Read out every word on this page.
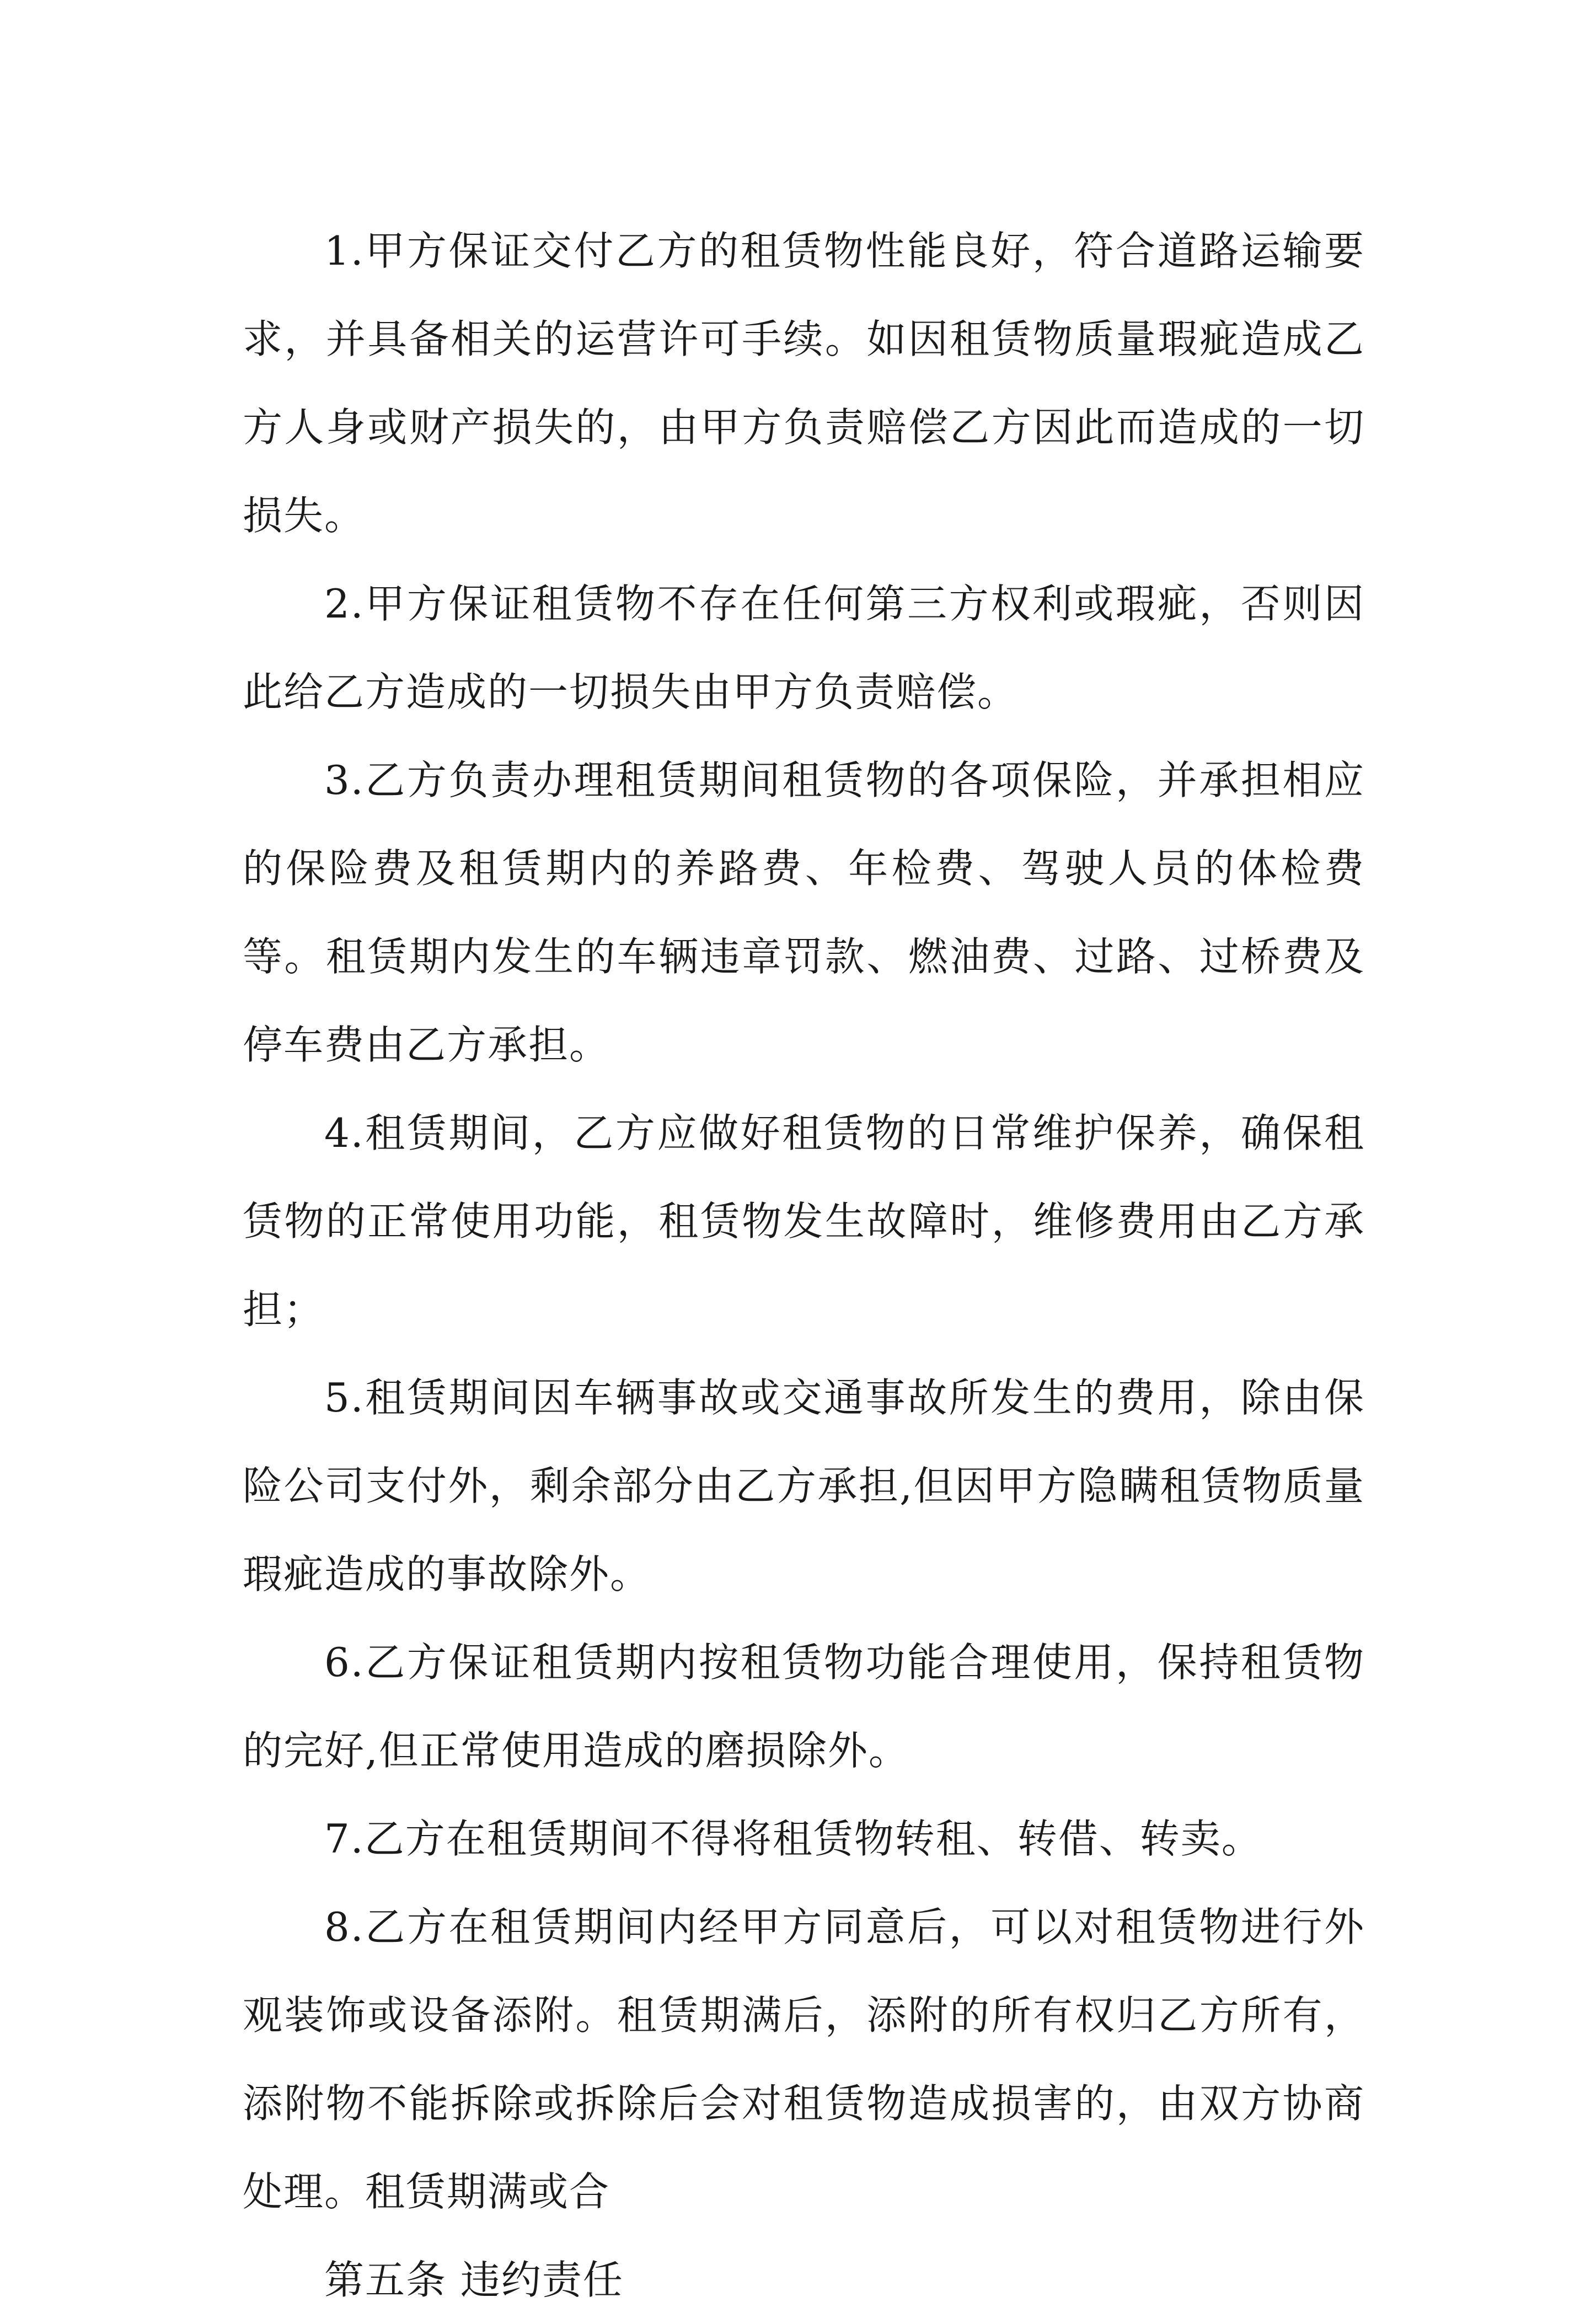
1.甲方保证交付乙方的租赁物性能良好，符合道路运输要求，并具备相关的运营许可手续。如因租赁物质量瑕疵造成乙方人身或财产损失的，由甲方负责赔偿乙方因此而造成的一切损失。

2.甲方保证租赁物不存在任何第三方权利或瑕疵，否则因此给乙方造成的一切损失由甲方负责赔偿。

3.乙方负责办理租赁期间租赁物的各项保险，并承担相应的保险费及租赁期内的养路费、年检费、驾驶人员的体检费等。租赁期内发生的车辆违章罚款、燃油费、过路、过桥费及停车费由乙方承担。

4.租赁期间，乙方应做好租赁物的日常维护保养，确保租赁物的正常使用功能，租赁物发生故障时，维修费用由乙方承担；

5.租赁期间因车辆事故或交通事故所发生的费用，除由保险公司支付外，剩余部分由乙方承担,但因甲方隐瞒租赁物质量瑕疵造成的事故除外。

6.乙方保证租赁期内按租赁物功能合理使用，保持租赁物的完好,但正常使用造成的磨损除外。

7.乙方在租赁期间不得将租赁物转租、转借、转卖。

8.乙方在租赁期间内经甲方同意后，可以对租赁物进行外观装饰或设备添附。租赁期满后，添附的所有权归乙方所有，添附物不能拆除或拆除后会对租赁物造成损害的，由双方协商处理。租赁期满或合

第五条 违约责任
